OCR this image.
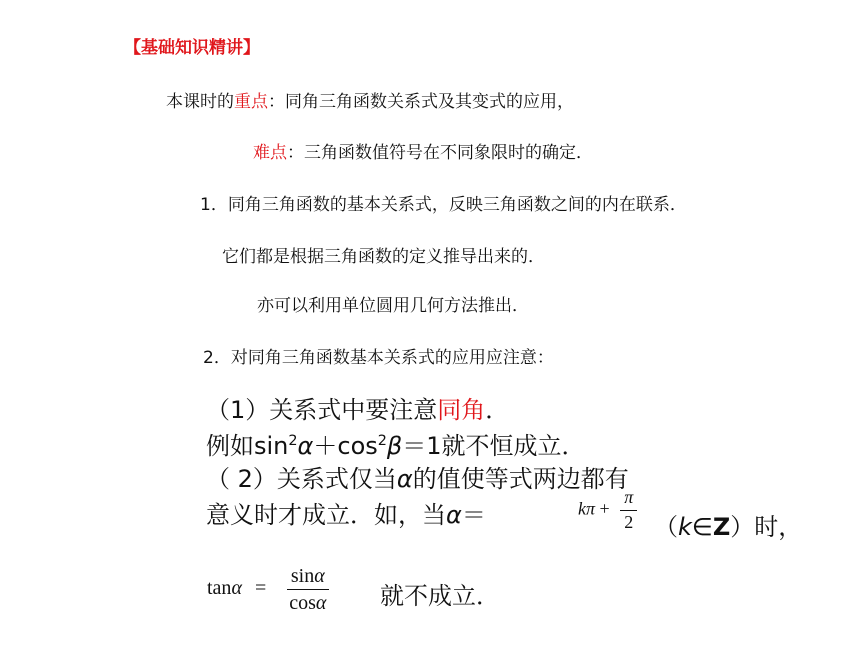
【基础知识精讲】
本课时的重点：同角三角函数关系式及其变式的应用，
难点：三角函数值符号在不同象限时的确定．
1．同角三角函数的基本关系式，反映三角函数之间的内在联系．
它们都是根据三角函数的定义推导出来的．
亦可以利用单位圆用几何方法推出．
2．对同角三角函数基本关系式的应用应注意：
（1）关系式中要注意同角．
例如$\sin^2\alpha+\cos^2\beta=1$就不恒成立．
（ 2）关系式仅当α的值使等式两边都有
意义时才成立．如，当α＝	$k\pi + \frac{\pi}{2}$ （k∈Z）时，
$\tan\alpha = \frac{\sin\alpha}{\cos\alpha}$ 就不成立．
